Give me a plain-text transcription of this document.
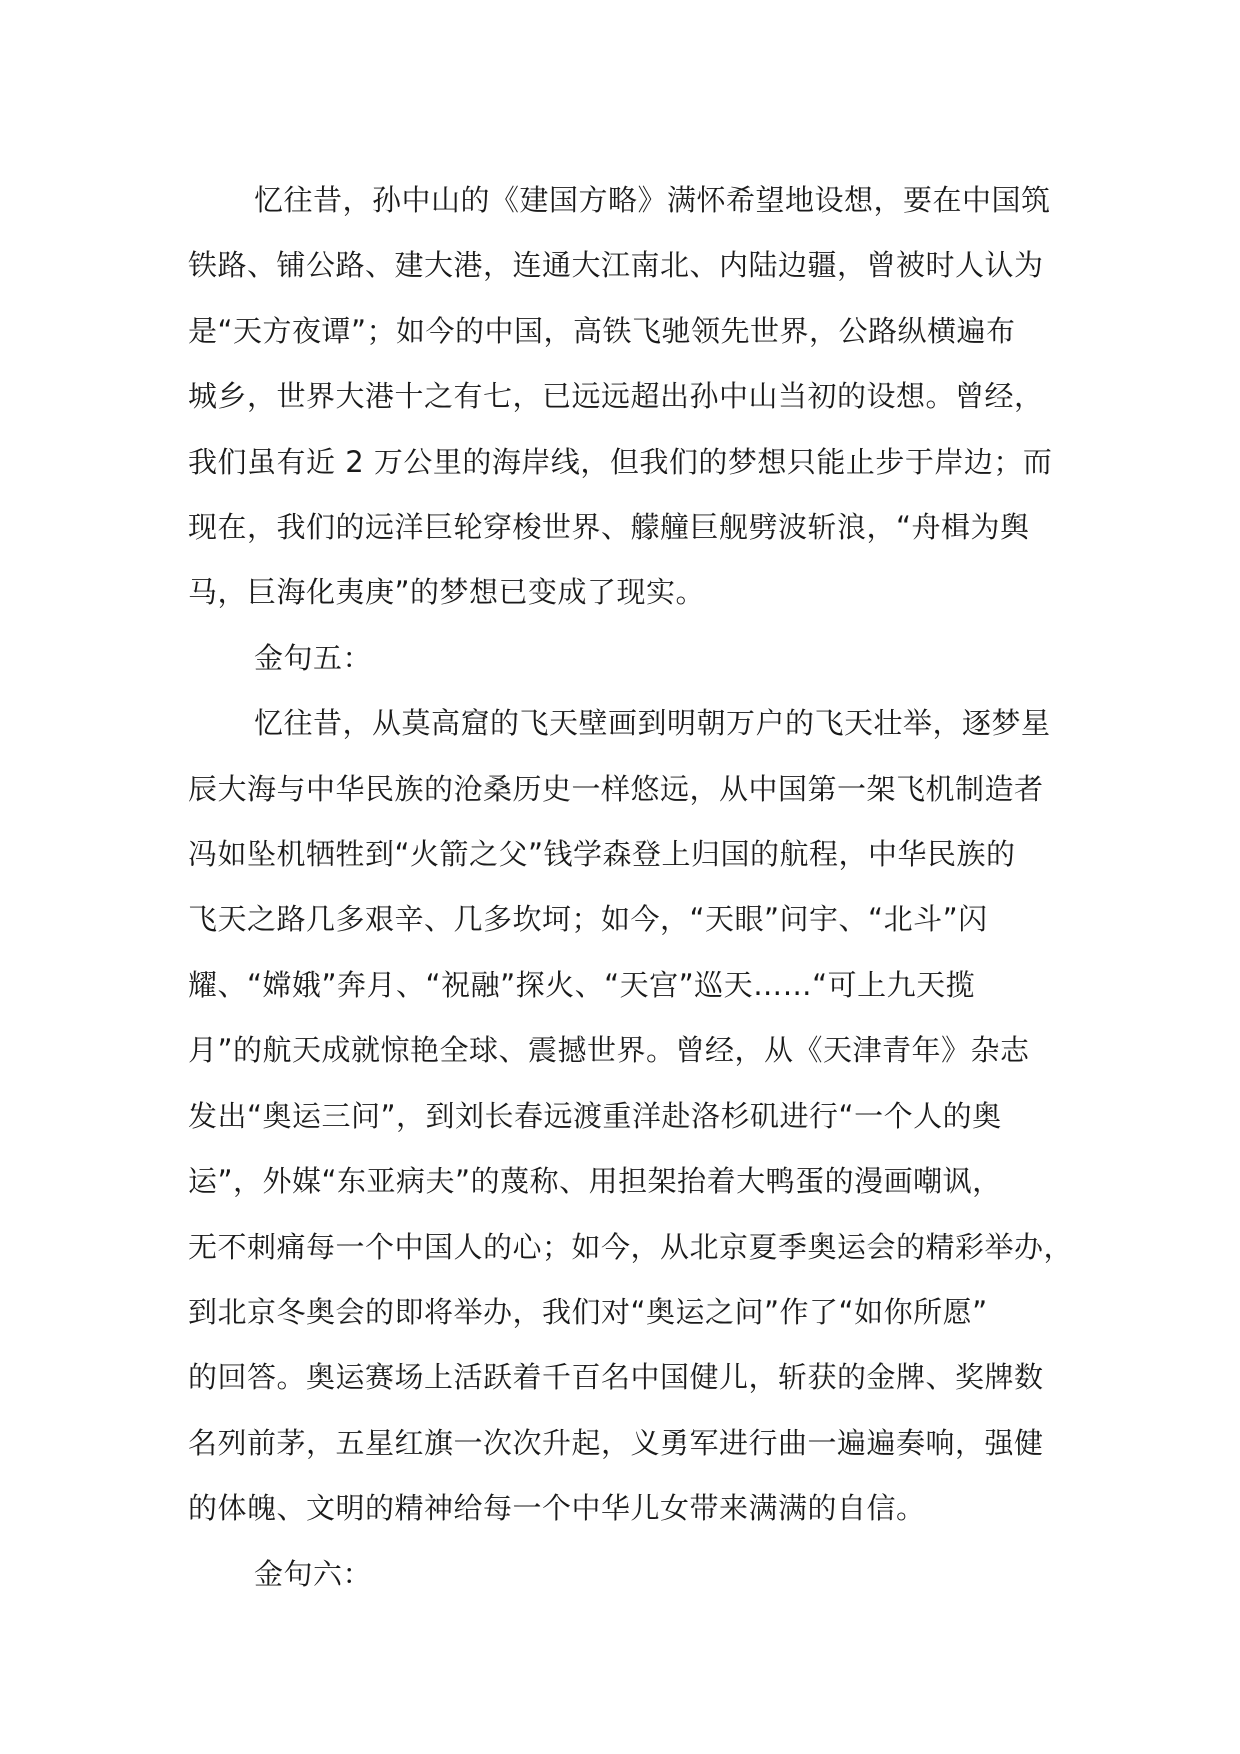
忆往昔，孙中山的《建国方略》满怀希望地设想，要在中国筑
铁路、铺公路、建大港，连通大江南北、内陆边疆，曾被时人认为
是“天方夜谭”；如今的中国，高铁飞驰领先世界，公路纵横遍布
城乡，世界大港十之有七，已远远超出孙中山当初的设想。曾经，
我们虽有近 2 万公里的海岸线，但我们的梦想只能止步于岸边；而
现在，我们的远洋巨轮穿梭世界、艨艟巨舰劈波斩浪，“舟楫为舆
马，巨海化夷庚”的梦想已变成了现实。
金句五：
忆往昔，从莫高窟的飞天壁画到明朝万户的飞天壮举，逐梦星
辰大海与中华民族的沧桑历史一样悠远，从中国第一架飞机制造者
冯如坠机牺牲到“火箭之父”钱学森登上归国的航程，中华民族的
飞天之路几多艰辛、几多坎坷；如今，“天眼”问宇、“北斗”闪
耀、“嫦娥”奔月、“祝融”探火、“天宫”巡天……“可上九天揽
月”的航天成就惊艳全球、震撼世界。曾经，从《天津青年》杂志
发出“奥运三问”，到刘长春远渡重洋赴洛杉矶进行“一个人的奥
运”，外媒“东亚病夫”的蔑称、用担架抬着大鸭蛋的漫画嘲讽，
无不刺痛每一个中国人的心；如今，从北京夏季奥运会的精彩举办，
到北京冬奥会的即将举办，我们对“奥运之问”作了“如你所愿”
的回答。奥运赛场上活跃着千百名中国健儿，斩获的金牌、奖牌数
名列前茅，五星红旗一次次升起，义勇军进行曲一遍遍奏响，强健
的体魄、文明的精神给每一个中华儿女带来满满的自信。
金句六：
